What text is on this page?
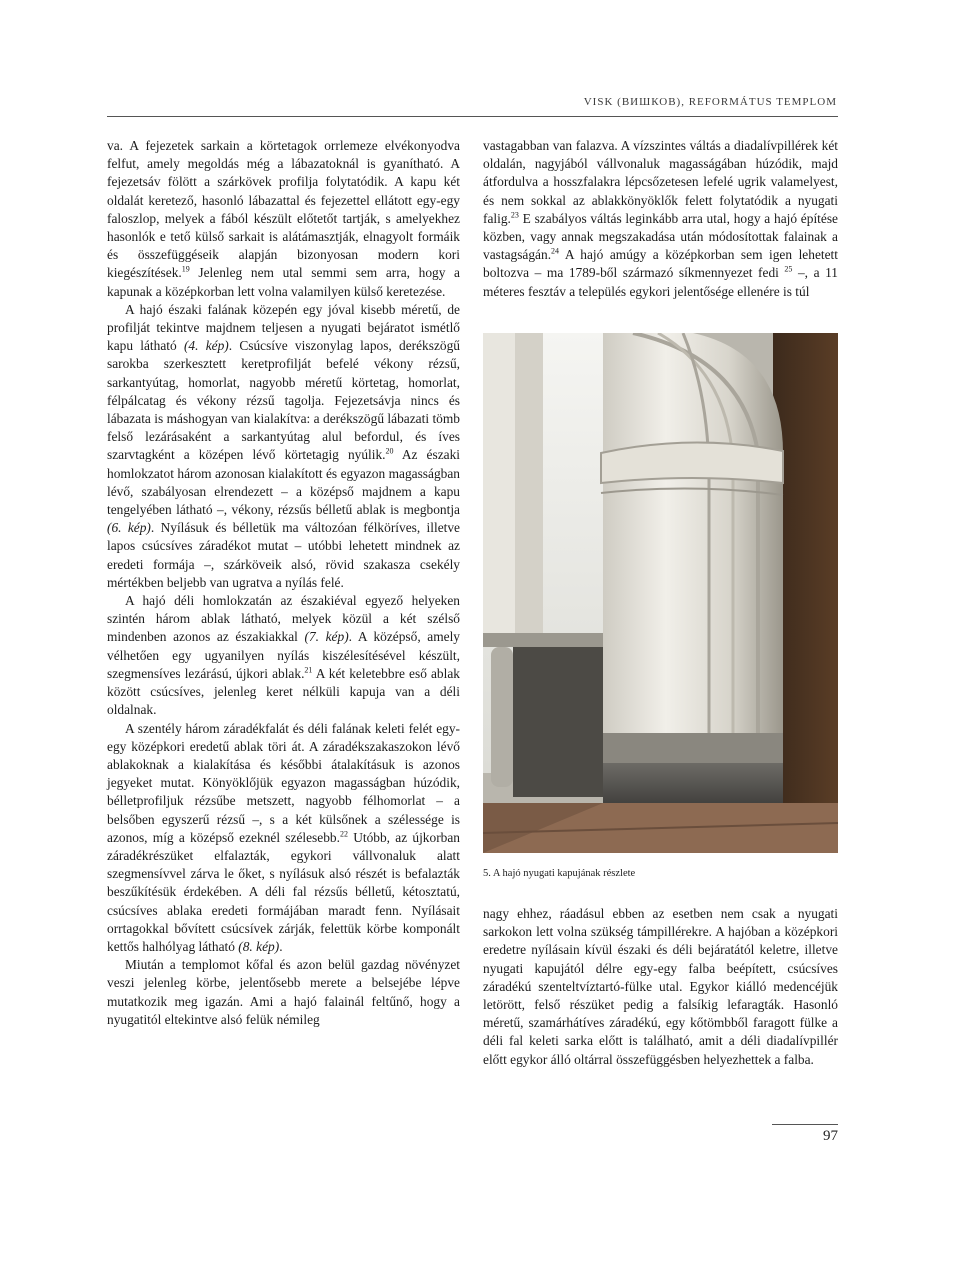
VISK (ВИШКОВ), REFORMÁTUS TEMPLOM

va. A fejezetek sarkain a körtetagok orrlemeze elvékonyodva felfut, amely megoldás még a lábazatoknál is gyanítható. A fejezetsáv fölött a szárkövek profilja folytatódik. A kapu két oldalát keretező, hasonló lábazattal és fejezettel ellátott egy-egy faloszlop, melyek a fából készült előtetőt tartják, s amelyekhez hasonlók e tető külső sarkait is alátámasztják, elnagyolt formáik és összefüggéseik alapján bizonyosan modern kori kiegészítések.$^{19}$ Jelenleg nem utal semmi sem arra, hogy a kapunak a középkorban lett volna valamilyen külső keretezése.

A hajó északi falának közepén egy jóval kisebb méretű, de profilját tekintve majdnem teljesen a nyugati bejáratot ismétlő kapu látható (4. kép). Csúcsíve viszonylag lapos, derékszögű sarokba szerkesztett keretprofilját befelé vékony rézsű, sarkantyútag, homorlat, nagyobb méretű körtetag, homorlat, félpálcatag és vékony rézsű tagolja. Fejezetsávja nincs és lábazata is máshogyan van kialakítva: a derékszögű lábazati tömb felső lezárásaként a sarkantyútag alul befordul, és íves szarvtagként a középen lévő körtetagig nyúlik.$^{20}$ Az északi homlokzatot három azonosan kialakított és egyazon magasságban lévő, szabályosan elrendezett – a középső majdnem a kapu tengelyében látható –, vékony, rézsűs bélletű ablak is megbontja (6. kép). Nyílásuk és bélletük ma változóan félköríves, illetve lapos csúcsíves záradékot mutat – utóbbi lehetett mindnek az eredeti formája –, szárköveik alsó, rövid szakasza csekély mértékben beljebb van ugratva a nyílás felé.

A hajó déli homlokzatán az északiéval egyező helyeken szintén három ablak látható, melyek közül a két szélső mindenben azonos az északiakkal (7. kép). A középső, amely vélhetően egy ugyanilyen nyílás kiszélesítésével készült, szegmensíves lezárású, újkori ablak.$^{21}$ A két keletebbre eső ablak között csúcsíves, jelenleg keret nélküli kapuja van a déli oldalnak.

A szentély három záradékfalát és déli falának keleti felét egy-egy középkori eredetű ablak töri át. A záradékszakaszokon lévő ablakoknak a kialakítása és későbbi átalakításuk is azonos jegyeket mutat. Könyöklőjük egyazon magasságban húzódik, bélletprofiljuk rézsűbe metszett, nagyobb félhomorlat – a belsőben egyszerű rézsű –, s a két külsőnek a szélessége is azonos, míg a középső ezeknél szélesebb.$^{22}$ Utóbb, az újkorban záradékrészüket elfalazták, egykori vállvonaluk alatt szegmensívvel zárva le őket, s nyílásuk alsó részét is befalazták beszűkítésük érdekében. A déli fal rézsűs bélletű, kétosztatú, csúcsíves ablaka eredeti formájában maradt fenn. Nyílásait orrtagokkal bővített csúcsívek zárják, felettük körbe komponált kettős halhólyag látható (8. kép).

Miután a templomot kőfal és azon belül gazdag növényzet veszi jelenleg körbe, jelentősebb merete a belsejébe lépve mutatkozik meg igazán. Ami a hajó falainál feltűnő, hogy a nyugatitól eltekintve alsó felük némileg

vastagabban van falazva. A vízszintes váltás a diadalívpillérek két oldalán, nagyjából vállvonaluk magasságában húzódik, majd átfordulva a hosszfalakra lépcsőzetesen lefelé ugrik valamelyest, és nem sokkal az ablakkönyöklők felett folytatódik a nyugati falig.$^{23}$ E szabályos váltás leginkább arra utal, hogy a hajó építése közben, vagy annak megszakadása után módosítottak falainak a vastagságán.$^{24}$ A hajó amúgy a középkorban sem igen lehetett boltozva – ma 1789-ből származó síkmennyezet fedi $^{25}$ –, a 11 méteres fesztáv a település egykori jelentősége ellenére is túl

5. A hajó nyugati kapujának részlete

nagy ehhez, ráadásul ebben az esetben nem csak a nyugati sarkokon lett volna szükség támpillérekre. A hajóban a középkori eredetre nyílásain kívül északi és déli bejáratától keletre, illetve nyugati kapujától délre egy-egy falba beépített, csúcsíves záradékú szenteltvíztartó-fülke utal. Egykor kiálló medencéjük letörött, felső részüket pedig a falsíkig lefaragták. Hasonló méretű, szamárhátíves záradékú, egy kőtömbből faragott fülke a déli fal keleti sarka előtt is található, amit a déli diadalívpillér előtt egykor álló oltárral összefüggésben helyezhettek a falba.

97
